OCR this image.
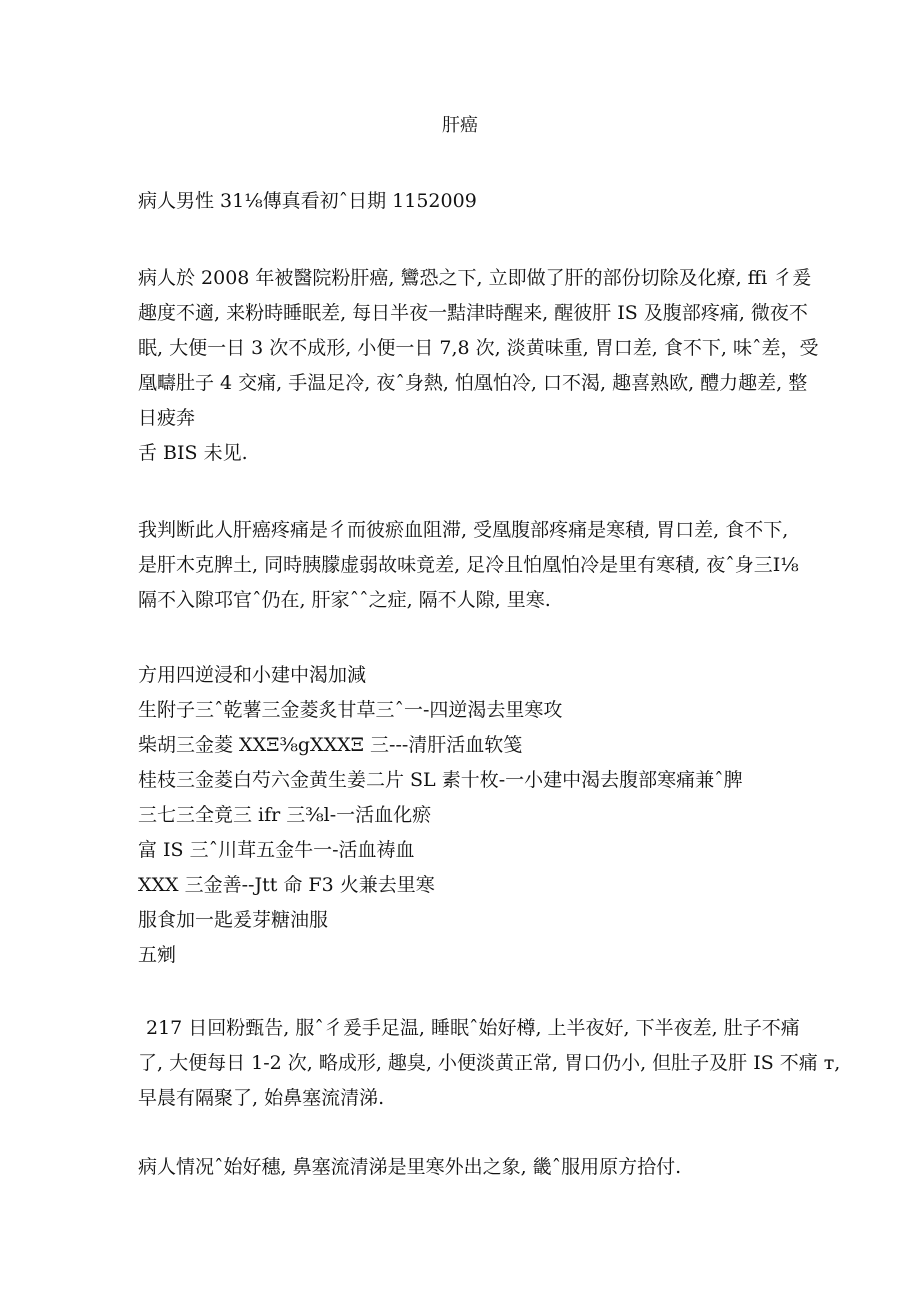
肝癌

病人男性 31⅛傳真看初ˆ日期 1152009

病人於 2008 年被醫院粉肝癌, 鸞恐之下, 立即做了肝的部份切除及化療, ffi 彳爰
趣度不適, 来粉時睡眠差, 每日半夜一黠津時醒来, 醒彼肝 IS 及腹部疼痛, 微夜不
眠, 大便一日 3 次不成形, 小便一日 7,8 次, 淡黄味重, 胃口差, 食不下, 味ˆ差，受
凰疇肚子 4 交痛, 手温足冷, 夜ˆ身熱, 怕凰怕冷, 口不渴, 趣喜熟欧, 醴力趣差, 整
日疲奔
舌 BIS 未见.
我判断此人肝癌疼痛是彳而彼瘀血阻滞, 受凰腹部疼痛是寒積, 胃口差, 食不下,
是肝木克脾土, 同時胰朦虚弱故味竟差, 足冷且怕凰怕冷是里有寒積, 夜ˆ身三I⅛
隔不入隙邛官ˆ仍在, 肝家ˆˆ之症, 隔不人隙, 里寒.
方用四逆浸和小建中渴加減
生附子三ˆ乾薯三金菱炙甘草三ˆ一-四逆渴去里寒攻
柴胡三金菱 XXΞ⅜gXXXΞ 三---清肝活血软笺
桂枝三金菱白芍六金黄生姜二片 SL 素十枚-一小建中渴去腹部寒痛兼ˆ脾
三七三全竟三 ifr 三⅜l-一活血化瘀
富 IS 三ˆ川茸五金牛一-活血祷血
XXX 三金善--Jtt 命 F3 火兼去里寒
服食加一匙爰芽糖油服
五剜
217 日回粉甄告, 服ˆ彳爰手足温, 睡眠ˆ始好樽, 上半夜好, 下半夜差, 肚子不痛
了, 大便每日 1-2 次, 略成形, 趣臭, 小便淡黄正常, 胃口仍小, 但肚子及肝 IS 不痛 т,
早晨有隔聚了, 始鼻塞流清涕.

病人情况ˆ始好穗, 鼻塞流清涕是里寒外出之象, 畿ˆ服用原方拾付.
